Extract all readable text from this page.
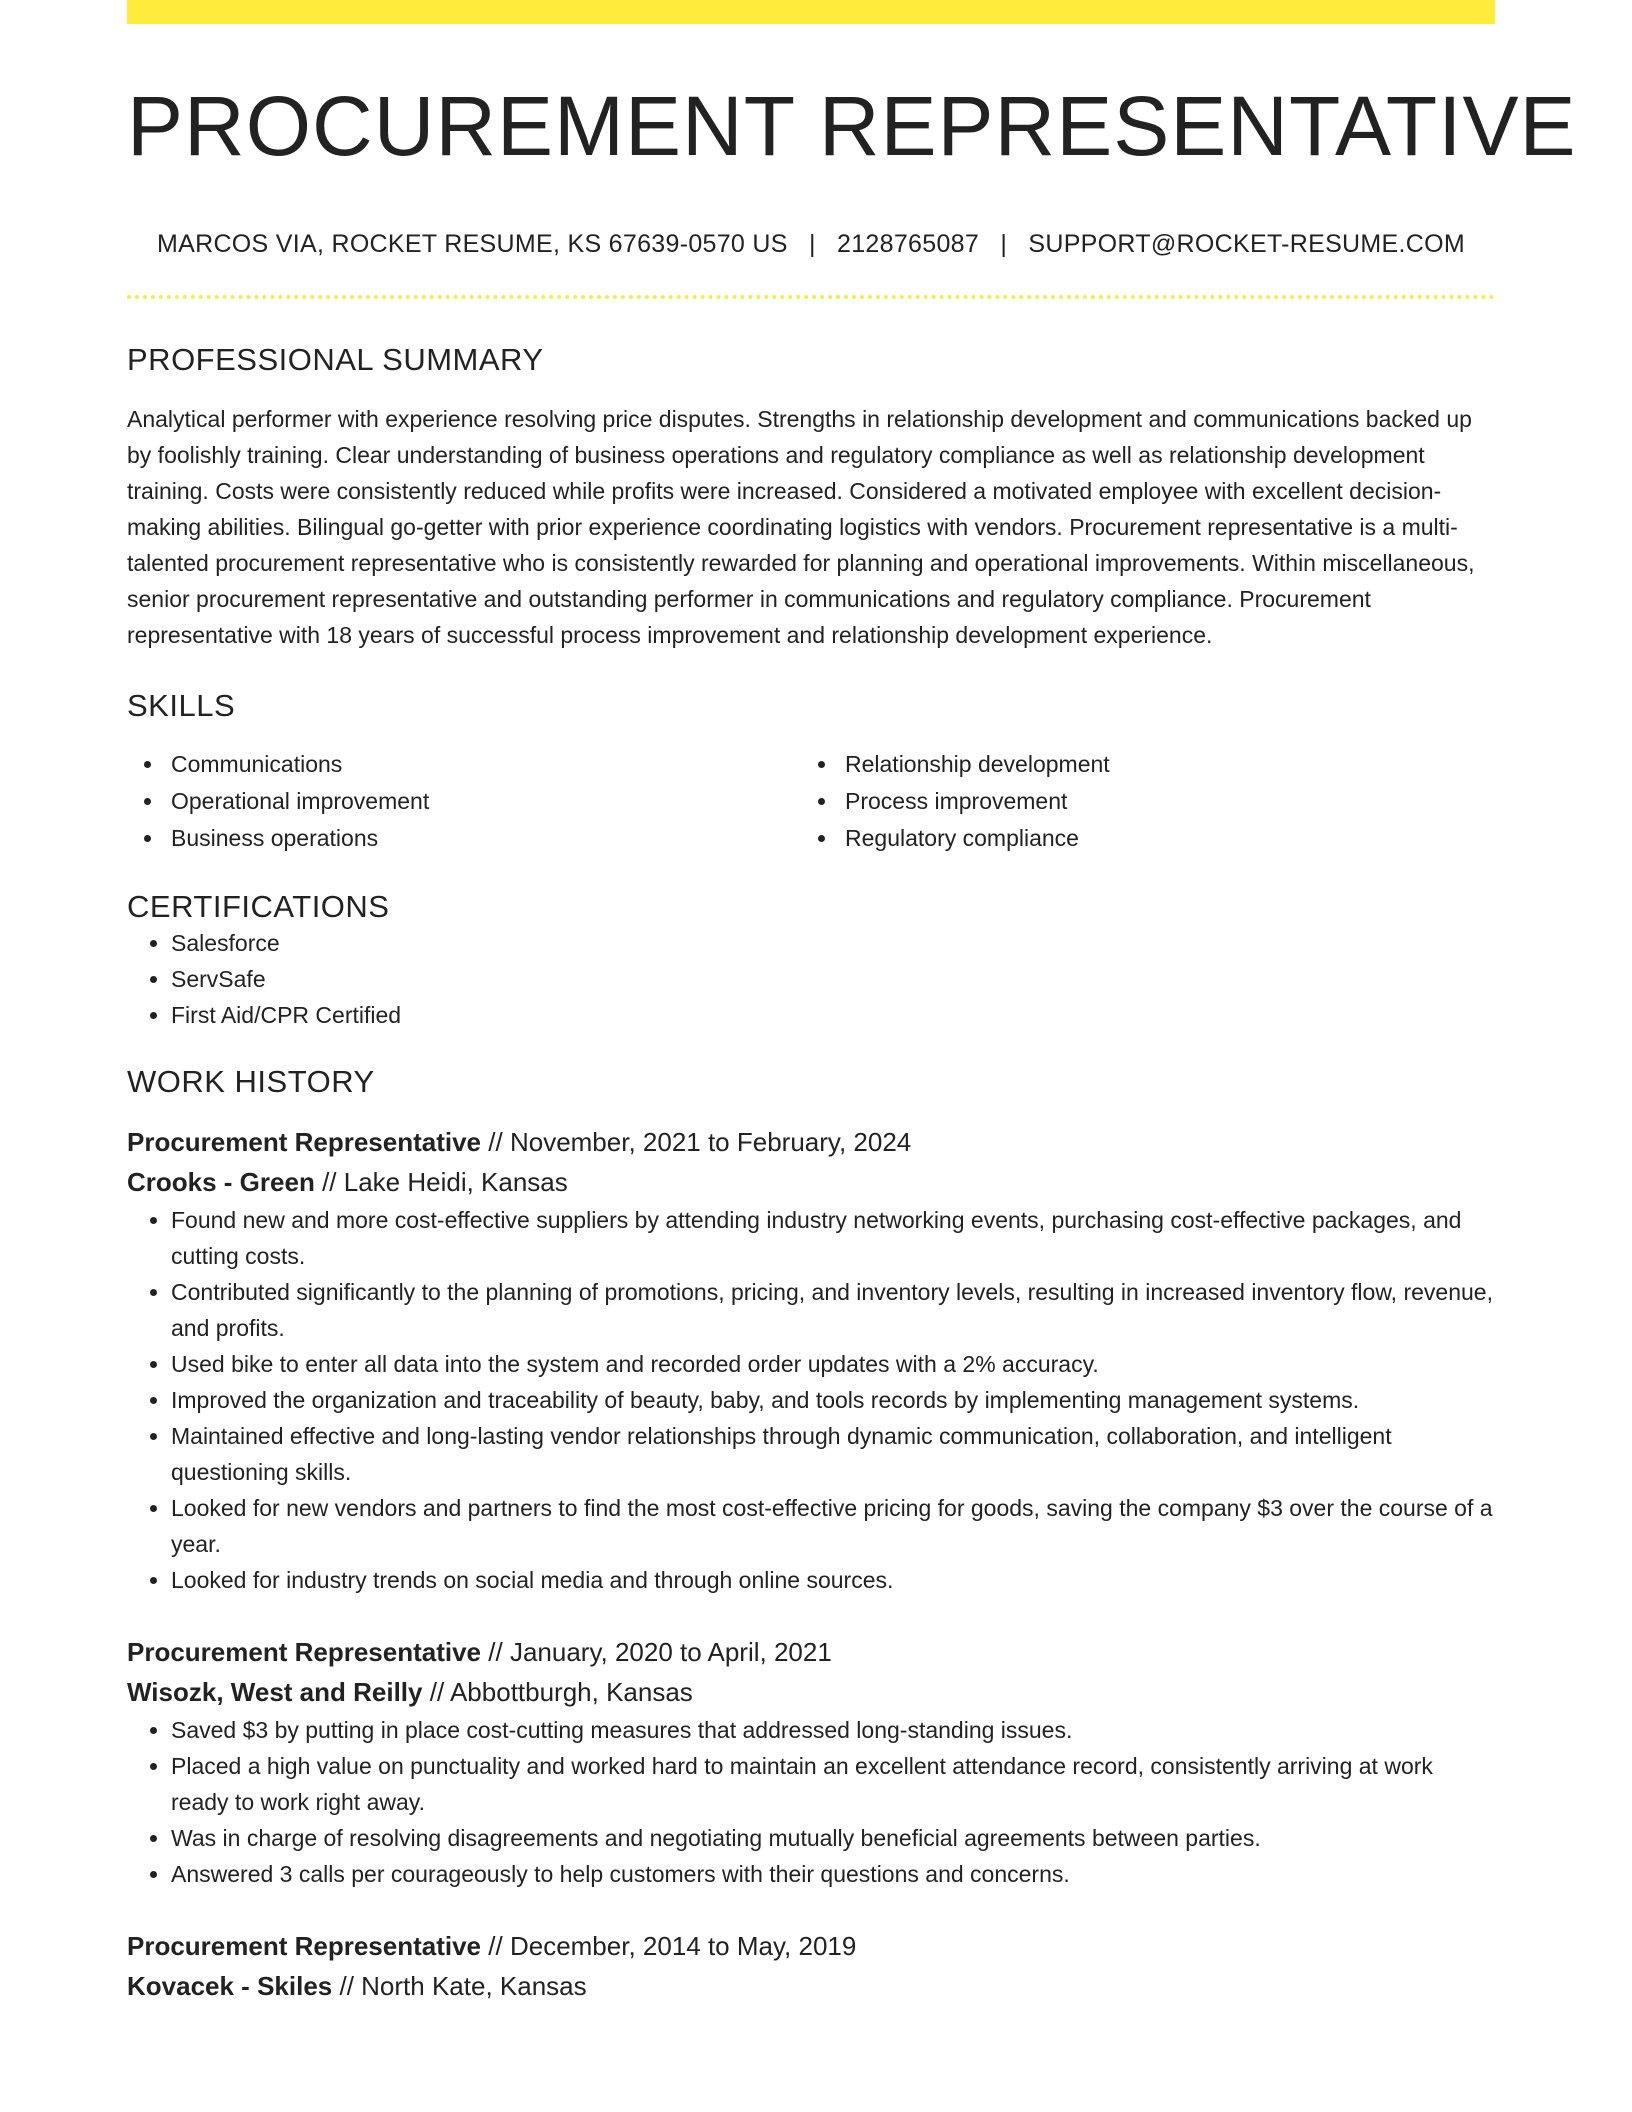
PROCUREMENT REPRESENTATIVE
MARCOS VIA, ROCKET RESUME, KS 67639-0570 US | 2128765087 | SUPPORT@ROCKET-RESUME.COM
PROFESSIONAL SUMMARY

Analytical performer with experience resolving price disputes. Strengths in relationship development and communications backed up by foolishly training. Clear understanding of business operations and regulatory compliance as well as relationship development training. Costs were consistently reduced while profits were increased. Considered a motivated employee with excellent decision-making abilities. Bilingual go-getter with prior experience coordinating logistics with vendors. Procurement representative is a multi-talented procurement representative who is consistently rewarded for planning and operational improvements. Within miscellaneous, senior procurement representative and outstanding performer in communications and regulatory compliance. Procurement representative with 18 years of successful process improvement and relationship development experience.

SKILLS
Communications	Relationship development
Operational improvement	Process improvement
Business operations	Regulatory compliance
CERTIFICATIONS
• Salesforce
• ServSafe
• First Aid/CPR Certified
WORK HISTORY
Procurement Representative // November, 2021 to February, 2024
Crooks - Green // Lake Heidi, Kansas
• Found new and more cost-effective suppliers by attending industry networking events, purchasing cost-effective packages, and cutting costs.
• Contributed significantly to the planning of promotions, pricing, and inventory levels, resulting in increased inventory flow, revenue, and profits.
• Used bike to enter all data into the system and recorded order updates with a 2% accuracy.
• Improved the organization and traceability of beauty, baby, and tools records by implementing management systems.
• Maintained effective and long-lasting vendor relationships through dynamic communication, collaboration, and intelligent questioning skills.
• Looked for new vendors and partners to find the most cost-effective pricing for goods, saving the company $3 over the course of a year.
• Looked for industry trends on social media and through online sources.
Procurement Representative // January, 2020 to April, 2021
Wisozk, West and Reilly // Abbottburgh, Kansas
• Saved $3 by putting in place cost-cutting measures that addressed long-standing issues.
• Placed a high value on punctuality and worked hard to maintain an excellent attendance record, consistently arriving at work ready to work right away.
• Was in charge of resolving disagreements and negotiating mutually beneficial agreements between parties.
• Answered 3 calls per courageously to help customers with their questions and concerns.
Procurement Representative // December, 2014 to May, 2019
Kovacek - Skiles // North Kate, Kansas
